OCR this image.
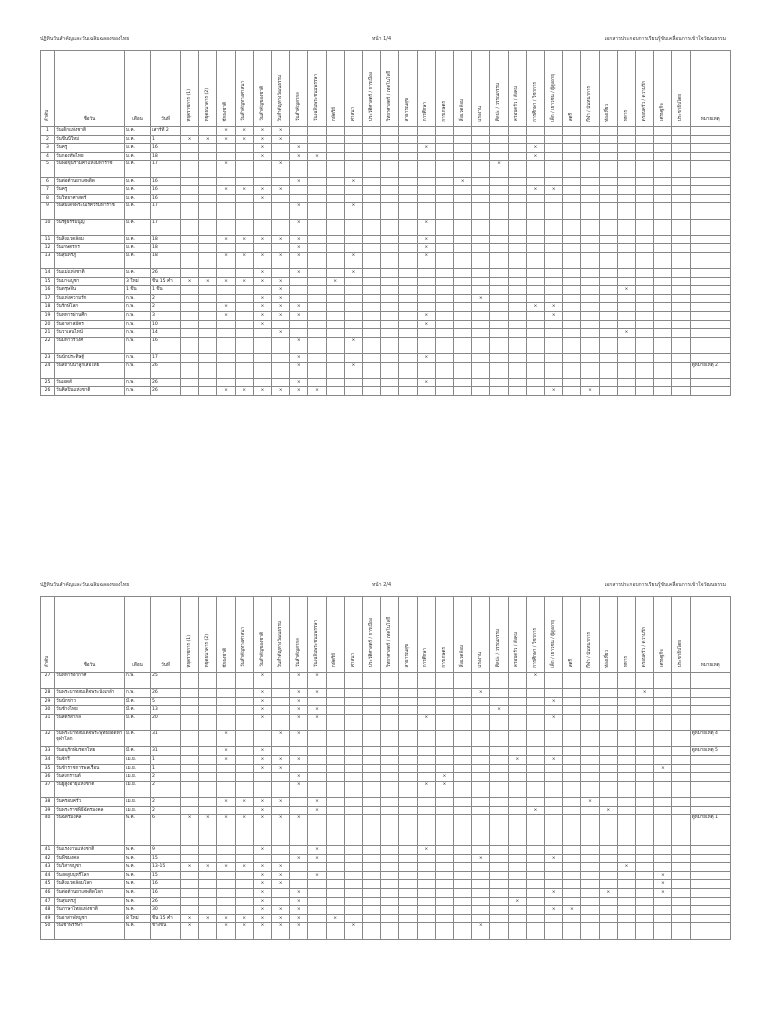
ปฏิทินวันสำคัญและวันเฉลิมฉลองของไทย	หน้า 1/4	เอกสารประกอบการเรียนรู้ขับเคลื่อนการเข้าใจวัฒนธรรม
ลำดับ	ชื่อวัน	เดือน	วันที่	หยุดราชการ (1)	หยุดธนาคาร (2)	ชักธงชาติ	วันสำคัญทางศาสนา	วันสำคัญของชาติ	วันสำคัญทางวัฒนธรรม	วันสำคัญสากล	วันเฉลิมพระชนมพรรษา	กษัตริย์	ศาสนา	ประวัติศาสตร์ / การเมือง	วิทยาศาสตร์ / เทคโนโลยี	สาธารณสุข	การศึกษา	การเกษตร	สิ่งแวดล้อม	แรงงาน	ศิลปะ / วรรณกรรม	ครอบครัว / สังคม	การศึกษา / วิชาการ	เด็ก / เยาวชน / ผู้สูงอายุ	สตรี	กีฬา / นันทนาการ	ท่องเที่ยว	ทหาร	ครอบครัว / ความรัก	เศรษฐกิจ	ประชาธิปไตย	หมายเหตุ
1	วันเด็กแห่งชาติ	ม.ค.	เสาร์ที่ 2			×	×	×	×																							
2	วันขึ้นปีใหม่	ม.ค.	1	×	×	×	×	×	×																							
3	วันครู	ม.ค.	16					×		×							×						×									
4	วันกองทัพไทย	ม.ค.	18					×		×	×												×									
5	วันพ่อขุนรามคำแหงมหาราช	ม.ค.	17			×			×												×											
6	วันต่อต้านยาเสพติด	ม.ค.	16							×			×						×													
7	วันครู	ม.ค.	16			×	×	×	×														×	×								
8	วันวิทยาศาสตร์	ม.ค.	16					×																								
9	วันสมเด็จพระนเรศวรมหาราช	ม.ค.	17							×			×																			
10	วันรัฐธรรมนูญ	ม.ค.	17							×							×															
11	วันสิ่งแวดล้อม	ม.ค.	18			×	×	×	×	×							×															
12	วันเกษตรกร	ม.ค.	18							×							×															
13	วันสุนทรภู่	ม.ค.	18			×	×	×	×	×			×				×															
14	วันแม่แห่งชาติ	ม.ค.	26					×		×			×																			
15	วันมาฆบูชา	3 ใหม่	ขึ้น 15 ค่ำ	×	×	×	×	×	×			×																				
16	วันตรุษจีน	1 ขึ้น	1 ขึ้น						×																			×				
17	วันแห่งความรัก	ก.พ.	2					×	×											×												
18	วันรักษ์โลก	ก.พ.	2			×		×	×	×													×	×								
19	วันทหารผ่านศึก	ก.พ.	3			×		×	×	×							×							×								
20	วันอาสาสมัคร	ก.พ.	10					×									×															
21	วันวาเลนไทน์	ก.พ.	14						×																			×				
22	วันมหาวีรวงศ์	ก.พ.	16							×			×																			
23	วันนักประดิษฐ์	ก.พ.	17							×							×															
24	วันสถาปนาลูกเสือไทย	ก.พ.	26							×			×																			ดูหมายเหตุ 2
25	วันเอดส์	ก.พ.	26							×							×															
26	วันศิลปินแห่งชาติ	ก.พ.	26			×	×	×	×	×	×													×		×						
ปฏิทินวันสำคัญและวันเฉลิมฉลองของไทย	หน้า 2/4	เอกสารประกอบการเรียนรู้ขับเคลื่อนการเข้าใจวัฒนธรรม
ลำดับ	ชื่อวัน	เดือน	วันที่	หยุดราชการ (1)	หยุดธนาคาร (2)	ชักธงชาติ	วันสำคัญทางศาสนา	วันสำคัญของชาติ	วันสำคัญทางวัฒนธรรม	วันสำคัญสากล	วันเฉลิมพระชนมพรรษา	กษัตริย์	ศาสนา	ประวัติศาสตร์ / การเมือง	วิทยาศาสตร์ / เทคโนโลยี	สาธารณสุข	การศึกษา	การเกษตร	สิ่งแวดล้อม	แรงงาน	ศิลปะ / วรรณกรรม	ครอบครัว / สังคม	การศึกษา / วิชาการ	เด็ก / เยาวชน / ผู้สูงอายุ	สตรี	กีฬา / นันทนาการ	ท่องเที่ยว	ทหาร	ครอบครัว / ความรัก	เศรษฐกิจ	ประชาธิปไตย	หมายเหตุ
27	วันทหารอากาศ	ก.พ.	25					×		×	×												×									
28	วันพระบาทสมเด็จพระนั่งเกล้า	ก.พ.	26					×		×	×									×									×			
29	วันนักข่าว	มี.ค.	5					×		×														×								
30	วันช้างไทย	มี.ค.	13					×		×	×										×											
31	วันสตรีสากล	มี.ค.	20					×		×	×						×							×								
32	วันพระบาทสมเด็จพระพุทธยอดฟ้าจุฬาโลก	มี.ค.	31			×			×	×																						ดูหมายเหตุ 4
33	วันอนุรักษ์มรดกไทย	มี.ค.	31			×		×																								ดูหมายเหตุ 5
34	วันจักรี	เม.ย.	1			×		×	×	×												×		×								
35	วันข้าราชการพลเรือน	เม.ย.	1					×	×																					×		
36	วันสงกรานต์	เม.ย.	2							×								×														
37	วันผู้สูงอายุแห่งชาติ	เม.ย.	2							×							×	×														
38	วันครอบครัว	เม.ย.	2			×	×	×	×		×															×						
39	วันพระราชพิธีฉัตรมงคล	เม.ย.	2					×			×												×				×					
40	วันฉัตรมงคล	พ.ค.	6	×	×	×	×	×	×	×																						ดูหมายเหตุ 1
41	วันแรงงานแห่งชาติ	พ.ค.	9					×			×						×															
42	วันพืชมงคล	พ.ค.	15							×	×									×				×								
43	วันวิสาขบูชา	พ.ค.	13-15	×	×	×	×	×	×																			×				
44	วันงดสูบบุหรี่โลก	พ.ค.	15					×	×		×																			×		
45	วันสิ่งแวดล้อมโลก	พ.ค.	16					×	×																					×		
46	วันต่อต้านยาเสพติดโลก	พ.ค.	16					×		×														×			×			×		
47	วันสุนทรภู่	พ.ค.	26					×		×												×										
48	วันภาษาไทยแห่งชาติ	พ.ค.	30					×	×	×														×	×							
49	วันอาสาฬหบูชา	8 ใหม่	ขึ้น 15 ค่ำ	×	×	×	×	×	×	×		×																				
50	วันเข้าพรรษา	พ.ค.	ข้างขึ้น	×		×	×	×	×	×			×							×												
